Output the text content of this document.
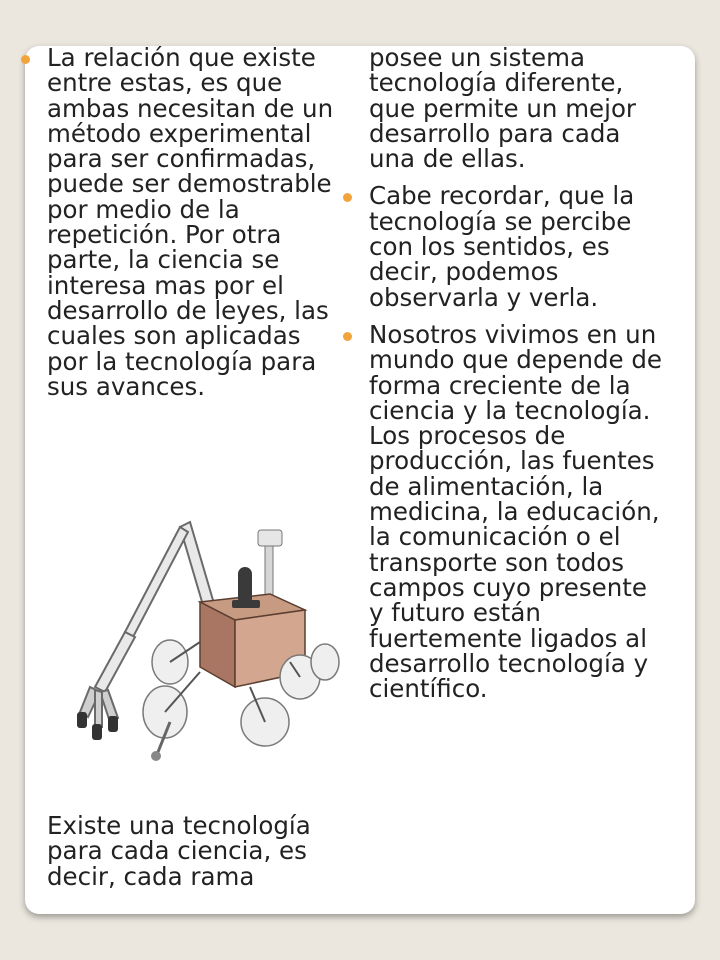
La relación que existe entre estas, es que ambas necesitan de un método experimental para ser confirmadas, puede ser demostrable por medio de la repetición. Por otra parte, la ciencia se interesa mas por el desarrollo de leyes, las cuales son aplicadas por la tecnología para sus avances.

Existe una tecnología para cada ciencia, es decir, cada rama

posee un sistema tecnología diferente, que permite un mejor desarrollo para cada una de ellas.

Cabe recordar, que la tecnología se percibe con los sentidos, es decir, podemos observarla y verla.

Nosotros vivimos en un mundo que depende de forma creciente de la ciencia y la tecnología. Los procesos de producción, las fuentes de alimentación, la medicina, la educación, la comunicación o el transporte son todos campos cuyo presente y futuro están fuertemente ligados al desarrollo tecnología y científico.
